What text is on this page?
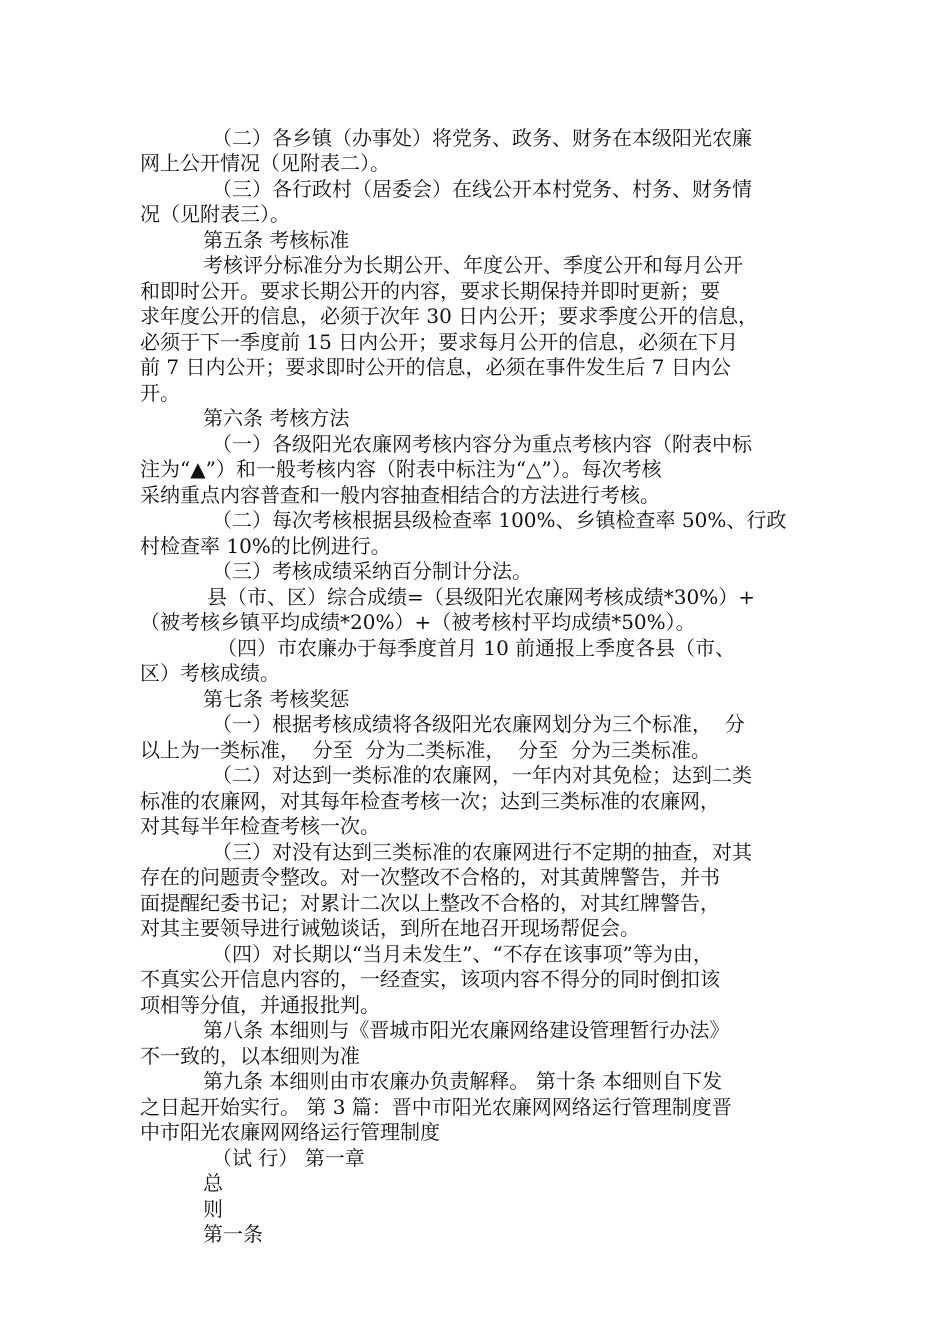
（二）各乡镇（办事处）将党务、政务、财务在本级阳光农廉
网上公开情况（见附表二）。
（三）各行政村（居委会）在线公开本村党务、村务、财务情
况（见附表三）。
第五条 考核标准
考核评分标准分为长期公开、年度公开、季度公开和每月公开
和即时公开。要求长期公开的内容，要求长期保持并即时更新；要
求年度公开的信息，必须于次年 30 日内公开；要求季度公开的信息，
必须于下一季度前 15 日内公开；要求每月公开的信息，必须在下月
前 7 日内公开；要求即时公开的信息，必须在事件发生后 7 日内公
开。
第六条 考核方法
（一）各级阳光农廉网考核内容分为重点考核内容（附表中标
注为“▲”）和一般考核内容（附表中标注为“△”）。每次考核
采纳重点内容普查和一般内容抽查相结合的方法进行考核。
（二）每次考核根据县级检查率 100%、乡镇检查率 50%、行政
村检查率 10%的比例进行。
（三）考核成绩采纳百分制计分法。
县（市、区）综合成绩=（县级阳光农廉网考核成绩*30%）+
（被考核乡镇平均成绩*20%）+（被考核村平均成绩*50%）。
（四）市农廉办于每季度首月 10 前通报上季度各县（市、
区）考核成绩。
第七条 考核奖惩
（一）根据考核成绩将各级阳光农廉网划分为三个标准，  分
以上为一类标准，  分至  分为二类标准，  分至  分为三类标准。
（二）对达到一类标准的农廉网，一年内对其免检；达到二类
标准的农廉网，对其每年检查考核一次；达到三类标准的农廉网，
对其每半年检查考核一次。
（三）对没有达到三类标准的农廉网进行不定期的抽查，对其
存在的问题责令整改。对一次整改不合格的，对其黄牌警告，并书
面提醒纪委书记；对累计二次以上整改不合格的，对其红牌警告，
对其主要领导进行诫勉谈话，到所在地召开现场帮促会。
（四）对长期以“当月未发生”、“不存在该事项”等为由，
不真实公开信息内容的，一经查实，该项内容不得分的同时倒扣该
项相等分值，并通报批判。
第八条 本细则与《晋城市阳光农廉网络建设管理暂行办法》
不一致的，以本细则为准
第九条 本细则由市农廉办负责解释。 第十条 本细则自下发
之日起开始实行。 第 3 篇：晋中市阳光农廉网网络运行管理制度晋
中市阳光农廉网网络运行管理制度
（试 行） 第一章
总
则
第一条
